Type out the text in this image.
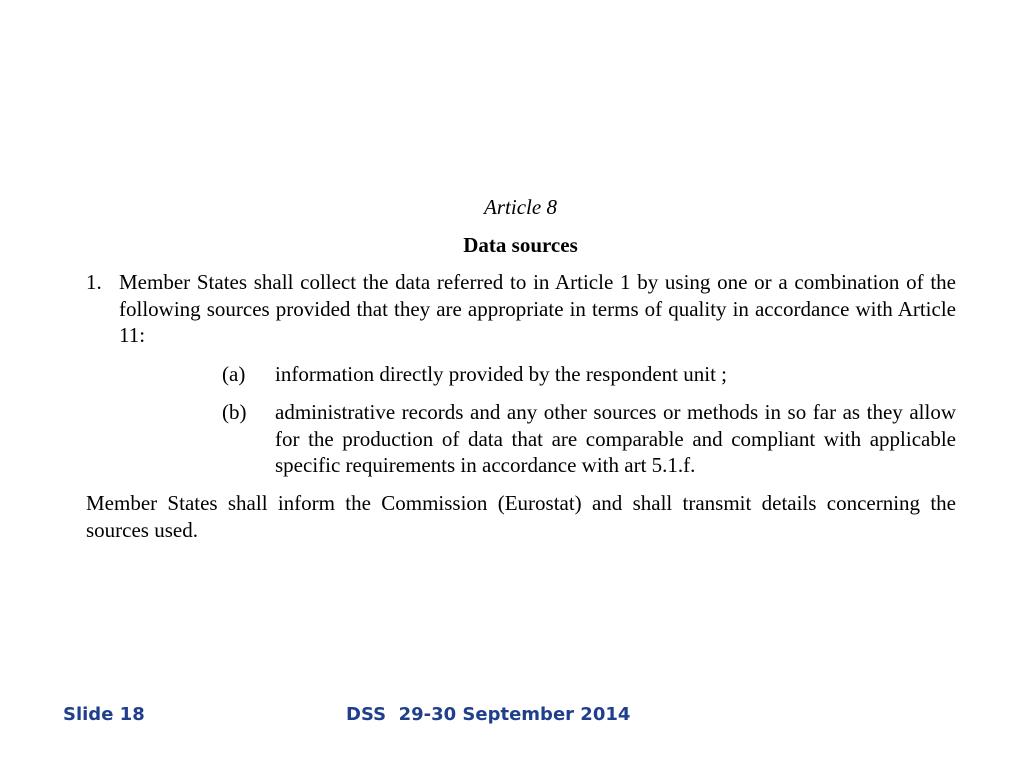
Article 8
Data sources
1. Member States shall collect the data referred to in Article 1 by using one or a combination of the following sources provided that they are appropriate in terms of quality in accordance with Article 11:
(a) information directly provided by the respondent unit ;
(b) administrative records and any other sources or methods in so far as they allow for the production of data that are comparable and compliant with applicable specific requirements in accordance with art 5.1.f.
Member States shall inform the Commission (Eurostat) and shall transmit details concerning the sources used.
Slide 18	DSS  29-30 September 2014
